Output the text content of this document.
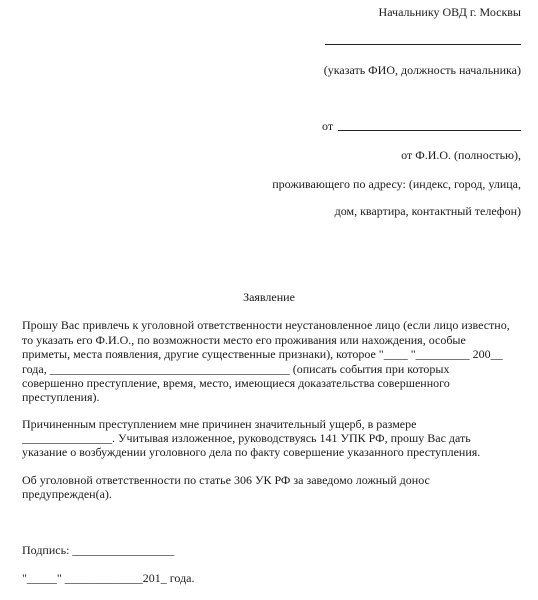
Начальнику ОВД г. Москвы
(указать ФИО, должность начальника)
от
от Ф.И.О. (полностью),
проживающего по адресу: (индекс, город, улица,
дом, квартира, контактный телефон)
Заявление
Прошу Вас привлечь к уголовной ответственности неустановленное лицо (если лицо известно,
то указать его Ф.И.О., по возможности место его проживания или нахождения, особые
приметы, места появления, другие существенные признаки), которое "____ "_________ 200__
года, ________________________________________ (описать события при которых
совершенно преступление, время, место, имеющиеся доказательства совершенного
преступления).
Причиненным преступлением мне причинен значительный ущерб, в размере
_______________. Учитывая изложенное, руководствуясь 141 УПК РФ, прошу Вас дать
указание о возбуждении уголовного дела по факту совершение указанного преступления.
Об уголовной ответственности по статье 306 УК РФ за заведомо ложный донос
предупрежден(а).
Подпись: _________________
"_____" _____________201_ года.
